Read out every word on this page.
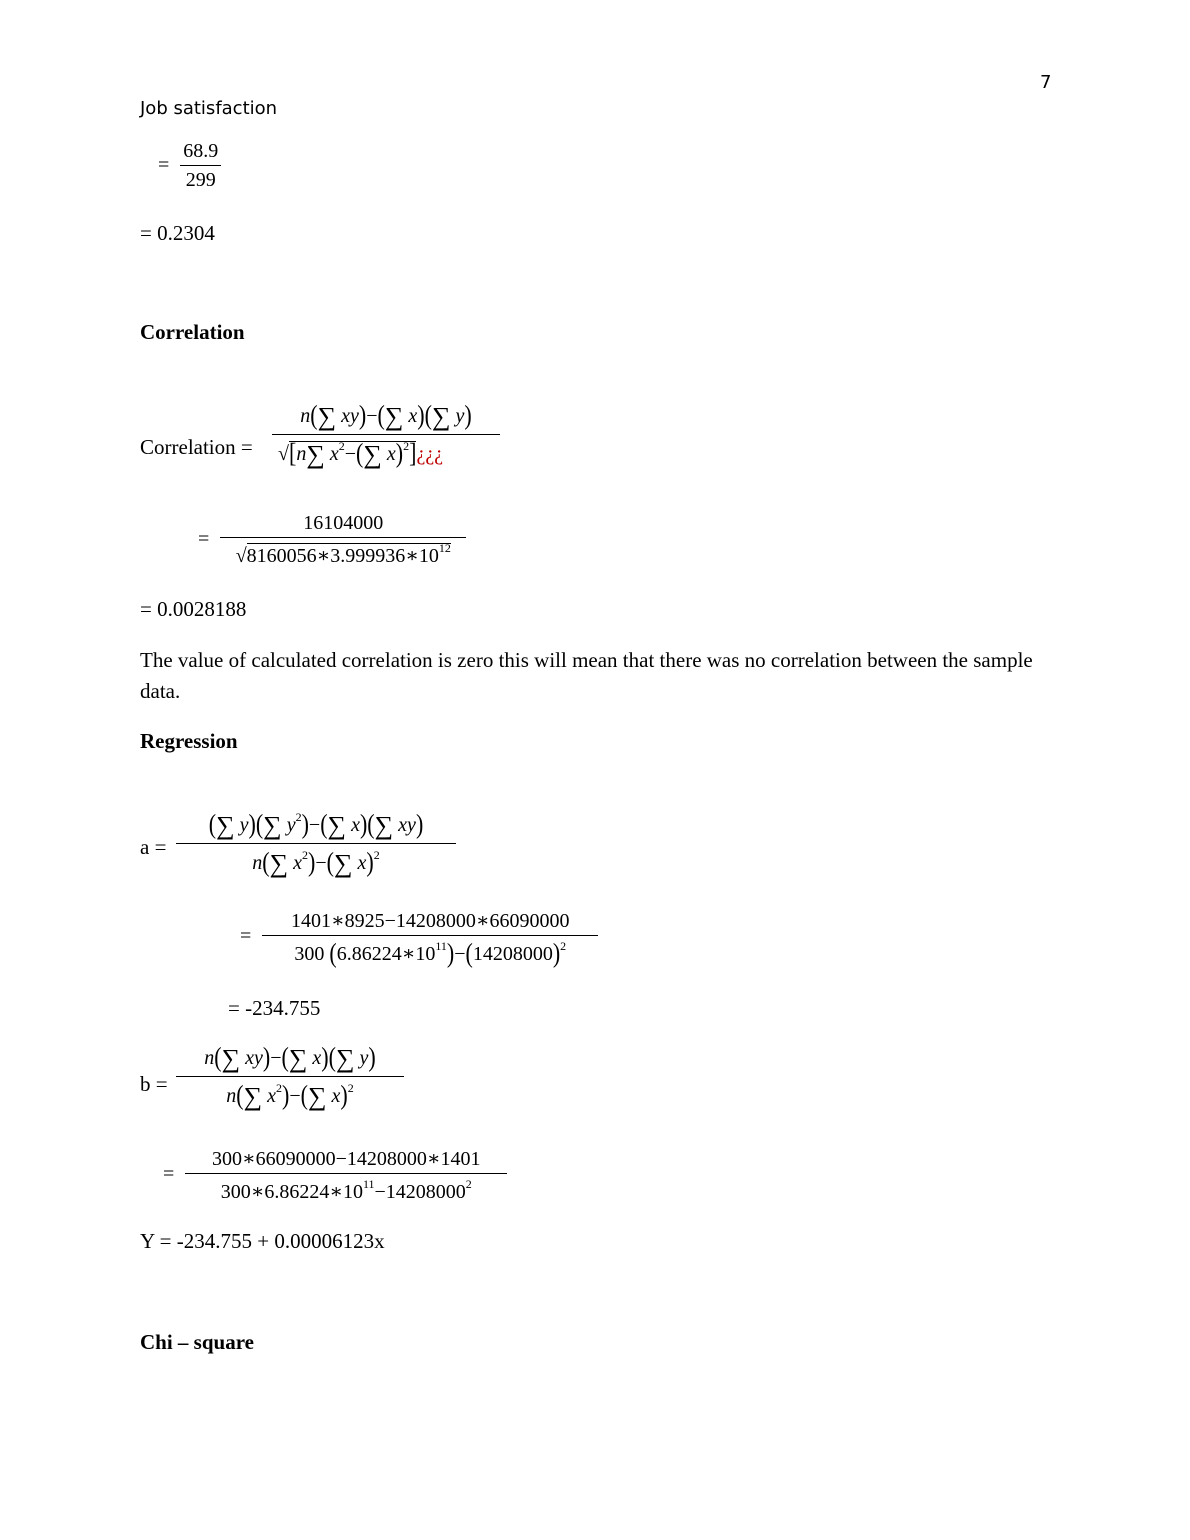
7
Job satisfaction
= $\frac{68.9}{299}$
= 0.2304
Correlation
Correlation =
n(∑ xy)−(∑ x)(∑ y)
√[n∑ $x^2-(\sum$ x)$^2$]¿¿¿
= $\frac{16104000}{√8160056∗3.999936∗10^{12}}$
= 0.0028188
The value of calculated correlation is zero this will mean that there was no correlation between the sample data.
Regression
a =
(∑ y)(∑ $y^2)-(\sum$ x)(∑ xy)
n(∑ $x^2)-(\sum$ x)$^2$
= $\frac{1401∗8925-14208000∗66090000}{300 (6.86224∗10^{11})-(14208000)^2}$
= -234.755
b =
n(∑ xy)−(∑ x)(∑ y)
n(∑ $x^2)-(\sum$ x)$^2$
= $\frac{300∗66090000-14208000∗1401}{300∗6.86224∗10^{11}-14208000^2}$
Y = -234.755 + 0.00006123x
Chi – square
